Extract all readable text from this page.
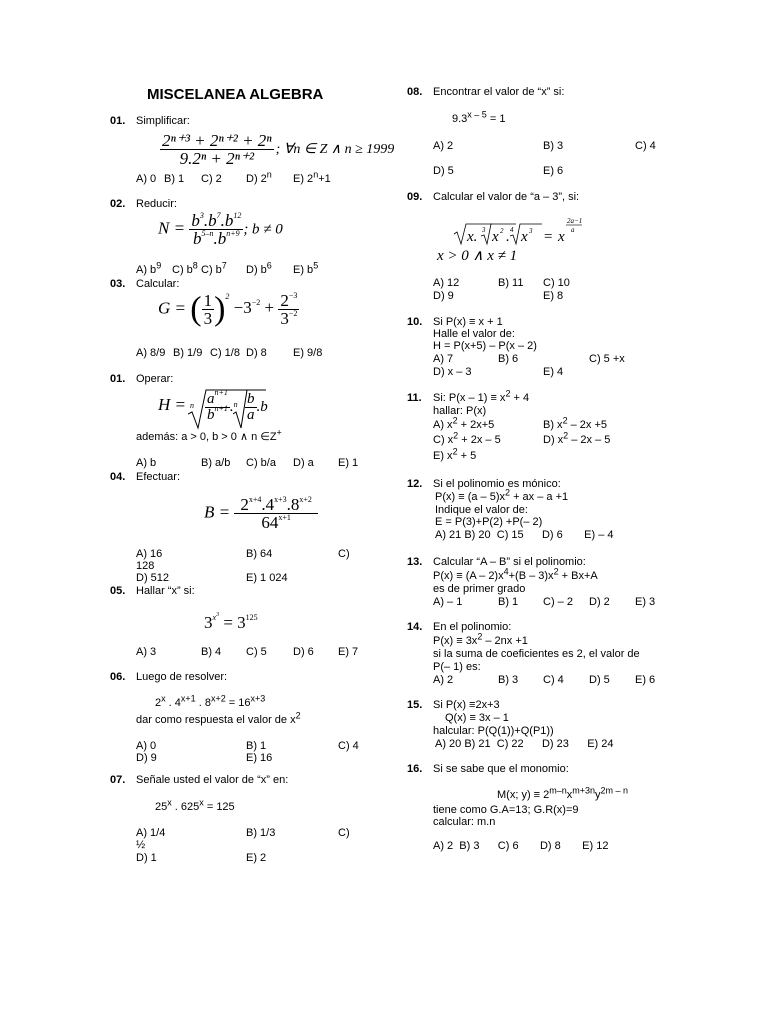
MISCELANEA ALGEBRA
01. Simplificar:
$\frac{\text{2ⁿ⁺³ + 2ⁿ⁺² + 2ⁿ}}{\text{9.2ⁿ + 2ⁿ⁺²}}$ ; ∀n ∈ Z ∧ n ≥ 1999
A) 0 B) 1 C) 2 D) 2$^n$ E) $2^n+1$
02. Reducir:
$N = \frac{b^3.b^7.b^{12}}{b^{5-n}.b^{n+9}}$ ; b ≠ 0
A) $b^9$ C) $b^8$ C) $b^7$ D) $b^6$ E) $b^5$
03. Calcular:
G = ( $\frac{1}{3} )^2 -3^{-2} + \frac{2^{-3}}{3^{-2}}$
A) 8/9 B) 1/9 C) 1/8 D) 8 E) 9/8
01. Operar:
H = n $\frac{a^{n+1}}{b^{n+1}} .^n \frac{b}{a} .b$
además: a > 0, b > 0 ∧ n ∈Z+
A) b	B) a/b C) b/a D) a E) 1
04. Efectuar:
$B = \frac{2^{x+4}.4^{x+3}.8^{x+2}}{64^{x+1}}$
A) 16	B) 64	C)
128
D) 512	E) 1 024
05. Hallar “x” si:
$3^{x^3} = 3^{125}$
A) 3	B) 4 C) 5 D) 6 E) 7
06. Luego de resolver:
2$^x$ . $4^{x+1}$ . $8^{x+2} = 16^{x+3}$
dar como respuesta el valor de $x^2$
A) 0	B) 1	C) 4
D) 9	E) 16
07. Señale usted el valor de “x” en:
25$^x$ . $625^x = 125$
A) 1/4	B) 1/3	C)
½
D) 1	E) 2
08. Encontrar el valor de “x” si:
$9.3^{x - 5} = 1$
A) 2	B) 3	C) 4
D) 5	E) 6
09. Calcular el valor de “a – 3”, si:
x. 3 x 2 . 4 x 3 = x
2a−1
a
x > 0 ∧ x ≠ 1
A) 12	B) 11 C) 10
D) 9	E) 8
10. Si P(x) ≡ x + 1
Halle el valor de:
H = P(x+5) – P(x – 2)
A) 7	B) 6	C) 5 +x
D) x – 3	E) 4
11. Si: $P(x - 1) \equiv x^2 + 4$
hallar: P(x)
A) $x^2 + 2x+5$	B) $x^2 - 2x +5$
C) $x^2 + 2x - 5$	D) $x^2 - 2x - 5$
E) $x^2 + 5$
12. Si el polinomio es mónico:
$P(x) \equiv (a - 5)x^2$ + ax – a +1
Indique el valor de:
E = P(3)+P(2) +P(– 2)
A) 21 B) 20  C) 15      D) 6       E) – 4
13. Calcular “A – B” si el polinomio:
$P(x) \equiv (A - 2)x^4+(B - 3)x^2 + Bx+A$
es de primer grado
A) – 1	B) 1 C) – 2 D) 2 E) 3
14. En el polinomio:
$P(x) \equiv 3x^2 - 2nx +1$
si la suma de coeficientes es 2, el valor de
P(– 1) es:
A) 2	B) 3 C) 4 D) 5 E) 6
15. Si P(x) ≡2x+3
Q(x) ≡ 3x – 1
halcular: P(Q(1))+Q(P1))
A) 20 B) 21  C) 22      D) 23      E) 24
16. Si se sabe que el monomio:
M(x; $y) \equiv 2^{m-n}x^{m+3n}y^{2m - n}$
tiene como G.A=13; G.R(x)=9
calcular: m.n
A) 2  B) 3      C) 6       D) 8       E) 12
